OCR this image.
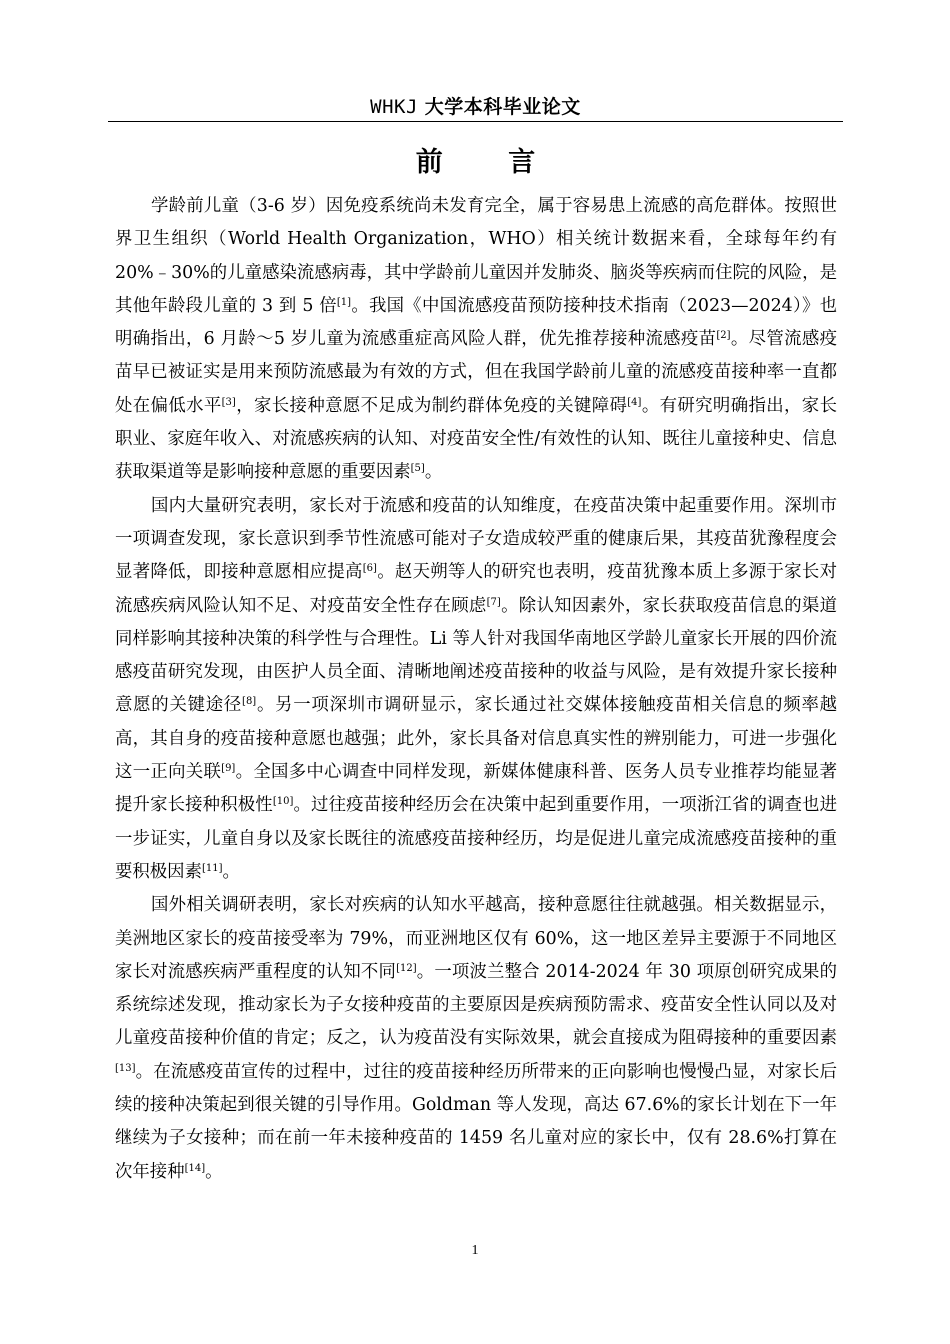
WHKJ 大学本科毕业论文
前 言

学龄前儿童（3-6 岁）因免疫系统尚未发育完全，属于容易患上流感的高危群体。按照世界卫生组织（World Health Organization，WHO）相关统计数据来看，全球每年约有 20%﹣30%的儿童感染流感病毒，其中学龄前儿童因并发肺炎、脑炎等疾病而住院的风险，是其他年龄段儿童的 3 到 5 倍[1]。我国《中国流感疫苗预防接种技术指南（2023—2024）》也明确指出，6 月龄～5 岁儿童为流感重症高风险人群，优先推荐接种流感疫苗[2]。尽管流感疫苗早已被证实是用来预防流感最为有效的方式，但在我国学龄前儿童的流感疫苗接种率一直都处在偏低水平[3]，家长接种意愿不足成为制约群体免疫的关键障碍[4]。有研究明确指出，家长职业、家庭年收入、对流感疾病的认知、对疫苗安全性/有效性的认知、既往儿童接种史、信息获取渠道等是影响接种意愿的重要因素[5]。

国内大量研究表明，家长对于流感和疫苗的认知维度，在疫苗决策中起重要作用。深圳市一项调查发现，家长意识到季节性流感可能对子女造成较严重的健康后果，其疫苗犹豫程度会显著降低，即接种意愿相应提高[6]。赵天朔等人的研究也表明，疫苗犹豫本质上多源于家长对流感疾病风险认知不足、对疫苗安全性存在顾虑[7]。除认知因素外，家长获取疫苗信息的渠道同样影响其接种决策的科学性与合理性。Li 等人针对我国华南地区学龄儿童家长开展的四价流感疫苗研究发现，由医护人员全面、清晰地阐述疫苗接种的收益与风险，是有效提升家长接种意愿的关键途径[8]。另一项深圳市调研显示，家长通过社交媒体接触疫苗相关信息的频率越高，其自身的疫苗接种意愿也越强；此外，家长具备对信息真实性的辨别能力，可进一步强化这一正向关联[9]。全国多中心调查中同样发现，新媒体健康科普、医务人员专业推荐均能显著提升家长接种积极性[10]。过往疫苗接种经历会在决策中起到重要作用，一项浙江省的调查也进一步证实，儿童自身以及家长既往的流感疫苗接种经历，均是促进儿童完成流感疫苗接种的重要积极因素[11]。

国外相关调研表明，家长对疾病的认知水平越高，接种意愿往往就越强。相关数据显示，美洲地区家长的疫苗接受率为 79%，而亚洲地区仅有 60%，这一地区差异主要源于不同地区家长对流感疾病严重程度的认知不同[12]。一项波兰整合 2014-2024 年 30 项原创研究成果的系统综述发现，推动家长为子女接种疫苗的主要原因是疾病预防需求、疫苗安全性认同以及对儿童疫苗接种价值的肯定；反之，认为疫苗没有实际效果，就会直接成为阻碍接种的重要因素[13]。在流感疫苗宣传的过程中，过往的疫苗接种经历所带来的正向影响也慢慢凸显，对家长后续的接种决策起到很关键的引导作用。Goldman 等人发现，高达 67.6%的家长计划在下一年继续为子女接种；而在前一年未接种疫苗的 1459 名儿童对应的家长中，仅有 28.6%打算在次年接种[14]。

1
